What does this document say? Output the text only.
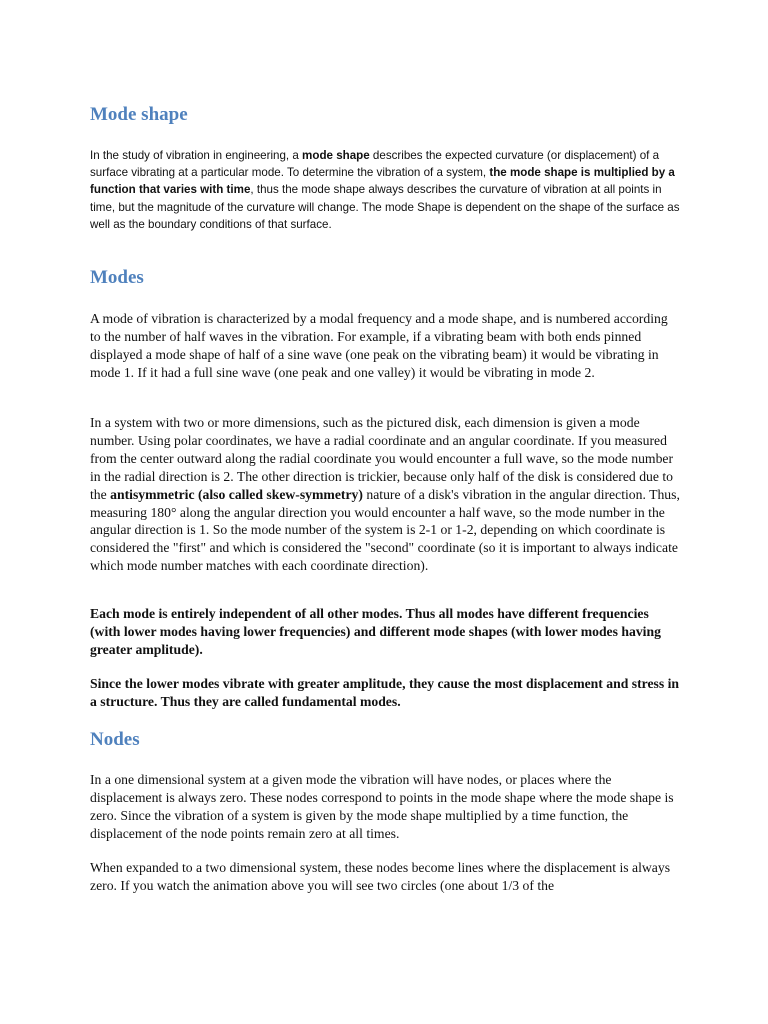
Mode shape

In the study of vibration in engineering, a mode shape describes the expected curvature (or displacement) of a surface vibrating at a particular mode. To determine the vibration of a system, the mode shape is multiplied by a function that varies with time, thus the mode shape always describes the curvature of vibration at all points in time, but the magnitude of the curvature will change. The mode Shape is dependent on the shape of the surface as well as the boundary conditions of that surface.

Modes

A mode of vibration is characterized by a modal frequency and a mode shape, and is numbered according to the number of half waves in the vibration. For example, if a vibrating beam with both ends pinned displayed a mode shape of half of a sine wave (one peak on the vibrating beam) it would be vibrating in mode 1. If it had a full sine wave (one peak and one valley) it would be vibrating in mode 2.

In a system with two or more dimensions, such as the pictured disk, each dimension is given a mode number. Using polar coordinates, we have a radial coordinate and an angular coordinate. If you measured from the center outward along the radial coordinate you would encounter a full wave, so the mode number in the radial direction is 2. The other direction is trickier, because only half of the disk is considered due to the antisymmetric (also called skew-symmetry) nature of a disk's vibration in the angular direction. Thus, measuring 180° along the angular direction you would encounter a half wave, so the mode number in the angular direction is 1. So the mode number of the system is 2-1 or 1-2, depending on which coordinate is considered the "first" and which is considered the "second" coordinate (so it is important to always indicate which mode number matches with each coordinate direction).

Each mode is entirely independent of all other modes. Thus all modes have different frequencies (with lower modes having lower frequencies) and different mode shapes (with lower modes having greater amplitude).

Since the lower modes vibrate with greater amplitude, they cause the most displacement and stress in a structure. Thus they are called fundamental modes.

Nodes

In a one dimensional system at a given mode the vibration will have nodes, or places where the displacement is always zero. These nodes correspond to points in the mode shape where the mode shape is zero. Since the vibration of a system is given by the mode shape multiplied by a time function, the displacement of the node points remain zero at all times.

When expanded to a two dimensional system, these nodes become lines where the displacement is always zero. If you watch the animation above you will see two circles (one about 1/3 of the
